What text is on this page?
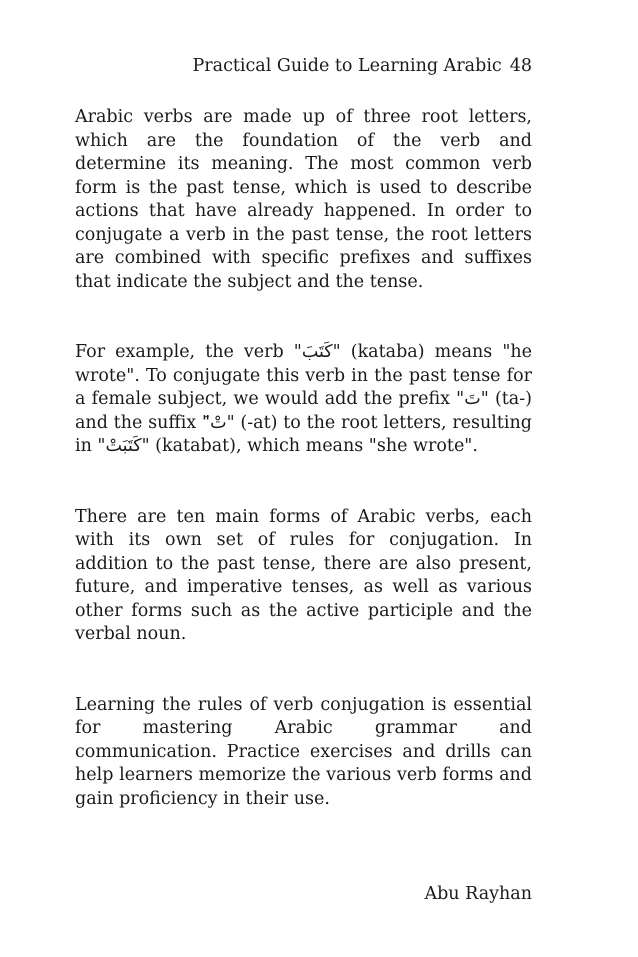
Practical Guide to Learning Arabic 48

Arabic verbs are made up of three root letters, which are the foundation of the verb and determine its meaning. The most common verb form is the past tense, which is used to describe actions that have already happened. In order to conjugate a verb in the past tense, the root letters are combined with specific prefixes and suffixes that indicate the subject and the tense.

For example, the verb "كَتَبَ" (kataba) means "he wrote". To conjugate this verb in the past tense for a female subject, we would add the prefix "تَ" (ta-) and the suffix "َتْ" (-at) to the root letters, resulting in "كَتَبَتْ" (katabat), which means "she wrote".

There are ten main forms of Arabic verbs, each with its own set of rules for conjugation. In addition to the past tense, there are also present, future, and imperative tenses, as well as various other forms such as the active participle and the verbal noun.

Learning the rules of verb conjugation is essential for mastering Arabic grammar and communication. Practice exercises and drills can help learners memorize the various verb forms and gain proficiency in their use.

Abu Rayhan
